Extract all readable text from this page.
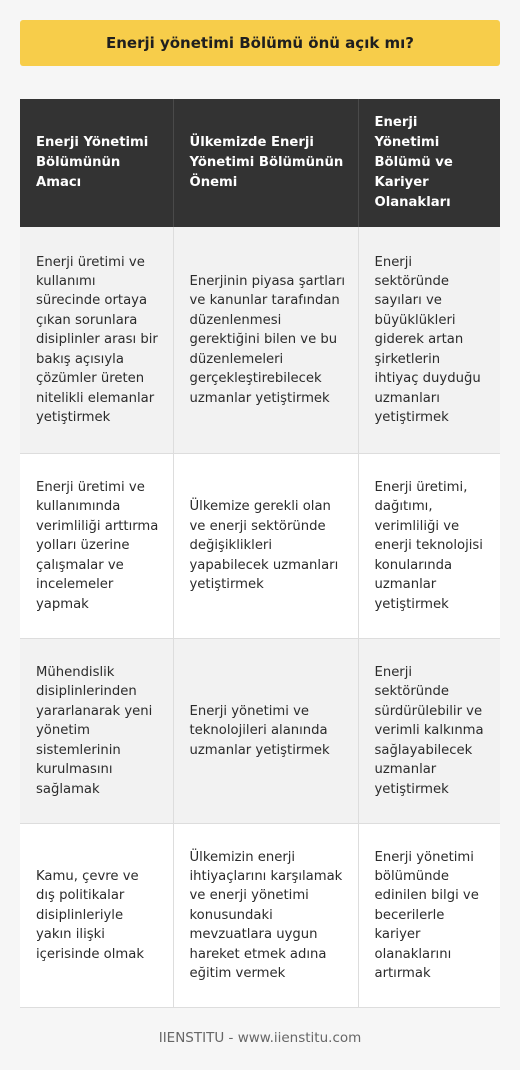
Enerji yönetimi Bölümü önü açık mı?
Enerji Yönetimi Bölümünün Amacı	Ülkemizde Enerji Yönetimi Bölümünün Önemi	Enerji Yönetimi Bölümü ve Kariyer Olanakları
Enerji üretimi ve kullanımı sürecinde ortaya çıkan sorunlara disiplinler arası bir bakış açısıyla çözümler üreten nitelikli elemanlar yetiştirmek	Enerjinin piyasa şartları ve kanunlar tarafından düzenlenmesi gerektiğini bilen ve bu düzenlemeleri gerçekleştirebilecek uzmanlar yetiştirmek	Enerji sektöründe sayıları ve büyüklükleri giderek artan şirketlerin ihtiyaç duyduğu uzmanları yetiştirmek
Enerji üretimi ve kullanımında verimliliği arttırma yolları üzerine çalışmalar ve incelemeler yapmak	Ülkemize gerekli olan ve enerji sektöründe değişiklikleri yapabilecek uzmanları yetiştirmek	Enerji üretimi, dağıtımı, verimliliği ve enerji teknolojisi konularında uzmanlar yetiştirmek
Mühendislik disiplinlerinden yararlanarak yeni yönetim sistemlerinin kurulmasını sağlamak	Enerji yönetimi ve teknolojileri alanında uzmanlar yetiştirmek	Enerji sektöründe sürdürülebilir ve verimli kalkınma sağlayabilecek uzmanlar yetiştirmek
Kamu, çevre ve dış politikalar disiplinleriyle yakın ilişki içerisinde olmak	Ülkemizin enerji ihtiyaçlarını karşılamak ve enerji yönetimi konusundaki mevzuatlara uygun hareket etmek adına eğitim vermek	Enerji yönetimi bölümünde edinilen bilgi ve becerilerle kariyer olanaklarını artırmak
IIENSTITU - www.iienstitu.com
